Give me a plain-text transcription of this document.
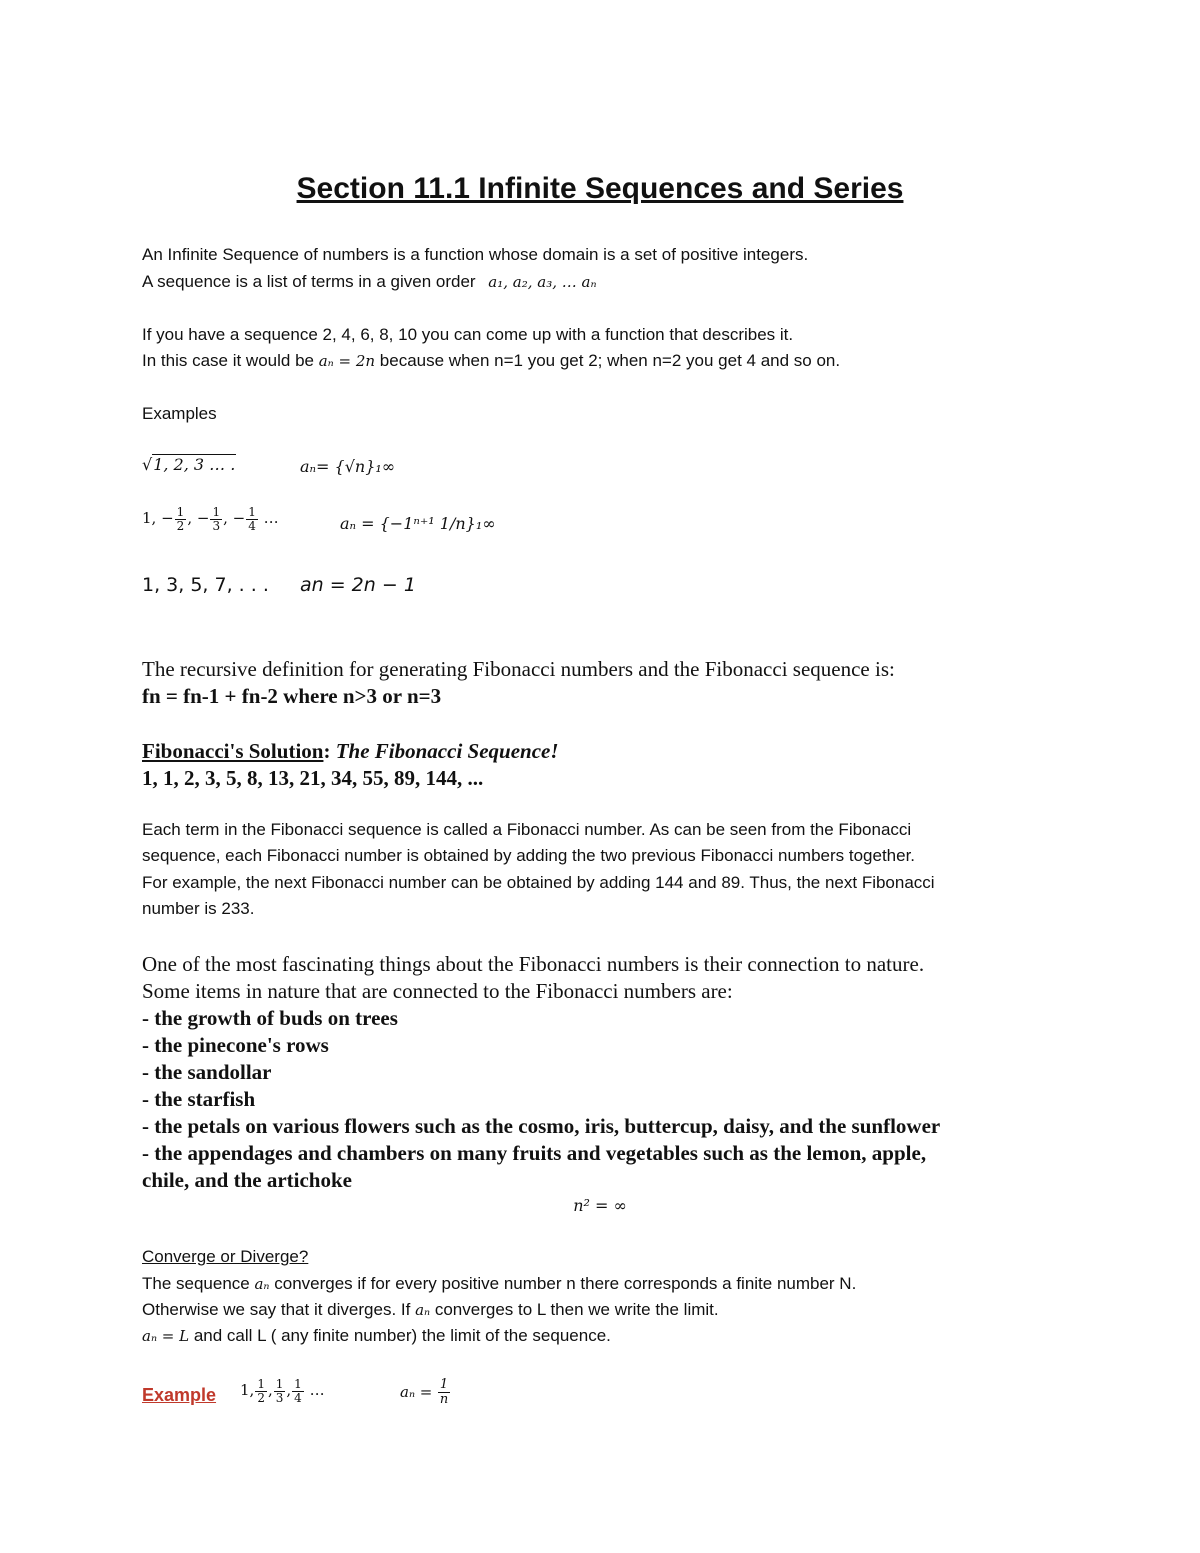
Section 11.1 Infinite Sequences and Series
An Infinite Sequence of numbers is a function whose domain is a set of positive integers.
A sequence is a list of terms in a given order a₁, a₂, a₃, … aₙ
If you have a sequence 2, 4, 6, 8, 10 you can come up with a function that describes it.
In this case it would be aₙ = 2n because when n=1 you get 2; when n=2 you get 4 and so on.
Examples
√1, 2, 3 … .	aₙ= {√n}₁∞
1, − $\frac{1}{2}$ , − $\frac{1}{3}$ , − $\frac{1}{4}$ …	aₙ = {−1ⁿ⁺¹ 1/n}₁∞
1, 3, 5, 7, . . . an = 2n − 1
The recursive definition for generating Fibonacci numbers and the Fibonacci sequence is:
fn = fn-1 + fn-2 where n>3 or n=3
Fibonacci's Solution: The Fibonacci Sequence!
1, 1, 2, 3, 5, 8, 13, 21, 34, 55, 89, 144, ...
Each term in the Fibonacci sequence is called a Fibonacci number. As can be seen from the Fibonacci
sequence, each Fibonacci number is obtained by adding the two previous Fibonacci numbers together.
For example, the next Fibonacci number can be obtained by adding 144 and 89. Thus, the next Fibonacci
number is 233.
One of the most fascinating things about the Fibonacci numbers is their connection to nature.
Some items in nature that are connected to the Fibonacci numbers are:
- the growth of buds on trees
- the pinecone's rows
- the sandollar
- the starfish
- the petals on various flowers such as the cosmo, iris, buttercup, daisy, and the sunflower
- the appendages and chambers on many fruits and vegetables such as the lemon, apple,
chile, and the artichoke
n² = ∞
Converge or Diverge?
The sequence aₙ converges if for every positive number n there corresponds a finite number N.
Otherwise we say that it diverges. If aₙ converges to L then we write the limit.
aₙ = L and call L ( any finite number) the limit of the sequence.
Example 1, $\frac{1}{2}$ , $\frac{1}{3}$ , $\frac{1}{4}$ …	$a_n = \frac{1}{n}$
